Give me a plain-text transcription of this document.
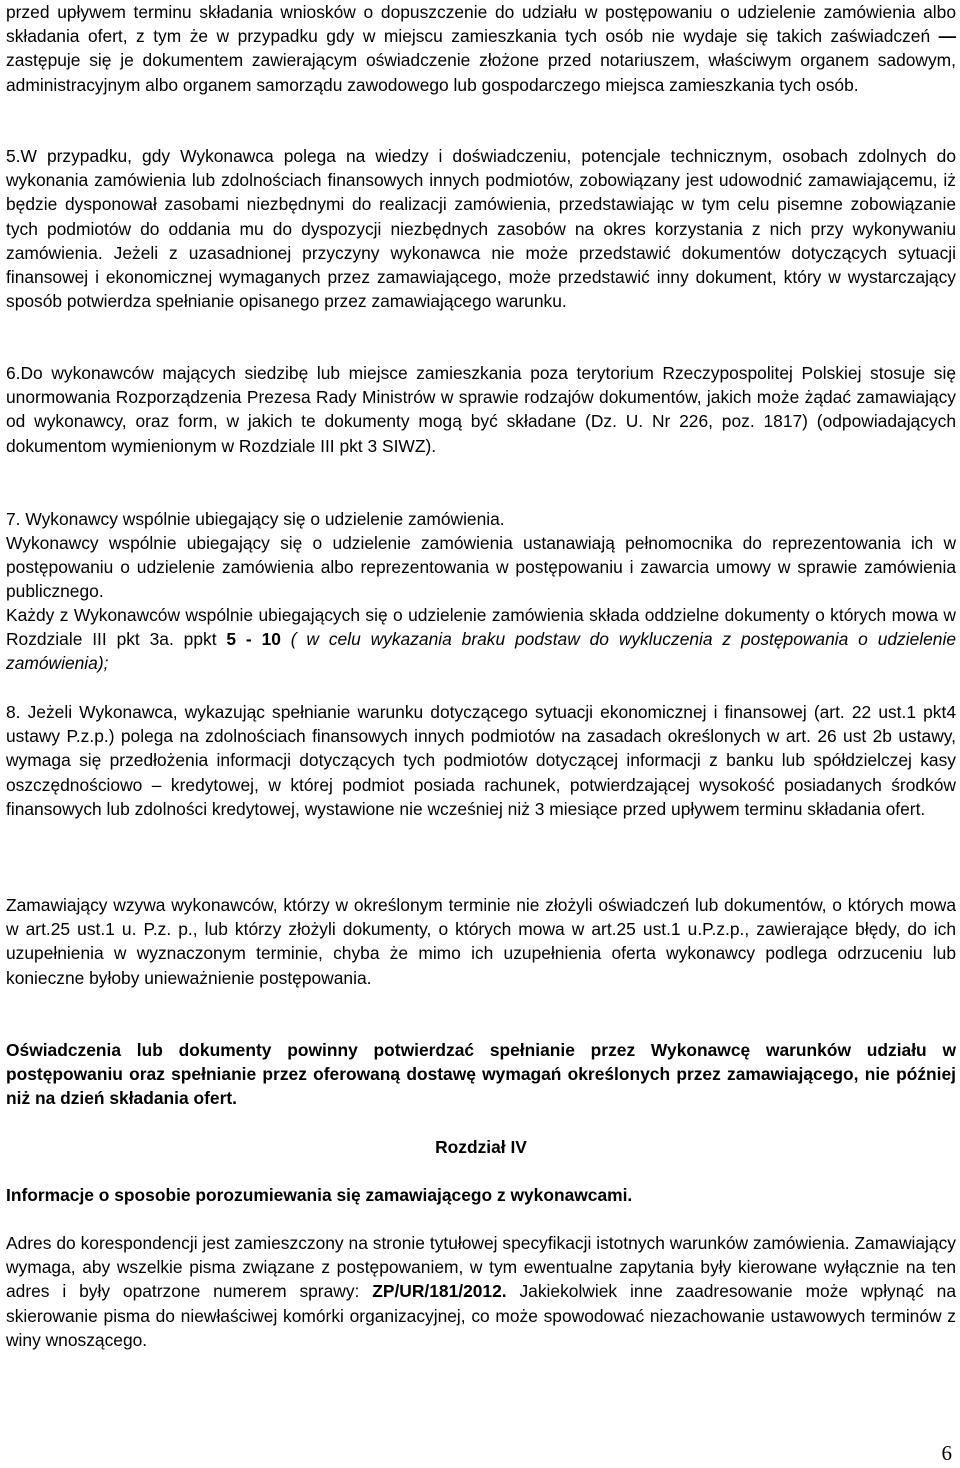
przed upływem terminu składania wniosków o dopuszczenie do udziału w postępowaniu o udzielenie zamówienia albo składania ofert, z tym że w przypadku gdy w miejscu zamieszkania tych osób nie wydaje się takich zaświadczeń — zastępuje się je dokumentem zawierającym oświadczenie złożone przed notariuszem, właściwym organem sadowym, administracyjnym albo organem samorządu zawodowego lub gospodarczego miejsca zamieszkania tych osób.

5.W przypadku, gdy Wykonawca polega na wiedzy i doświadczeniu, potencjale technicznym, osobach zdolnych do wykonania zamówienia lub zdolnościach finansowych innych podmiotów, zobowiązany jest udowodnić zamawiającemu, iż będzie dysponował zasobami niezbędnymi do realizacji zamówienia, przedstawiając w tym celu pisemne zobowiązanie tych podmiotów do oddania mu do dyspozycji niezbędnych zasobów na okres korzystania z nich przy wykonywaniu zamówienia. Jeżeli z uzasadnionej przyczyny wykonawca nie może przedstawić dokumentów dotyczących sytuacji finansowej i ekonomicznej wymaganych przez zamawiającego, może przedstawić inny dokument, który w wystarczający sposób potwierdza spełnianie opisanego przez zamawiającego warunku.

6.Do wykonawców mających siedzibę lub miejsce zamieszkania poza terytorium Rzeczypospolitej Polskiej stosuje się unormowania Rozporządzenia Prezesa Rady Ministrów w sprawie rodzajów dokumentów, jakich może żądać zamawiający od wykonawcy, oraz form, w jakich te dokumenty mogą być składane (Dz. U. Nr 226, poz. 1817) (odpowiadających dokumentom wymienionym w Rozdziale III pkt 3 SIWZ).

7. Wykonawcy wspólnie ubiegający się o udzielenie zamówienia.

Wykonawcy wspólnie ubiegający się o udzielenie zamówienia ustanawiają pełnomocnika do reprezentowania ich w postępowaniu o udzielenie zamówienia albo reprezentowania w postępowaniu i zawarcia umowy w sprawie zamówienia publicznego.

Każdy z Wykonawców wspólnie ubiegających się o udzielenie zamówienia składa oddzielne dokumenty o których mowa w Rozdziale III pkt 3a. ppkt 5 - 10 ( w celu wykazania braku podstaw do wykluczenia z postępowania o udzielenie zamówienia);

8. Jeżeli Wykonawca, wykazując spełnianie warunku dotyczącego sytuacji ekonomicznej i finansowej (art. 22 ust.1 pkt4 ustawy P.z.p.) polega na zdolnościach finansowych innych podmiotów na zasadach określonych w art. 26 ust 2b ustawy, wymaga się przedłożenia informacji dotyczących tych podmiotów dotyczącej informacji z banku lub spółdzielczej kasy oszczędnościowo – kredytowej, w której podmiot posiada rachunek, potwierdzającej wysokość posiadanych środków finansowych lub zdolności kredytowej, wystawione nie wcześniej niż 3 miesiące przed upływem terminu składania ofert.

Zamawiający wzywa wykonawców, którzy w określonym terminie nie złożyli oświadczeń lub dokumentów, o których mowa w art.25 ust.1 u. P.z. p., lub którzy złożyli dokumenty, o których mowa w art.25 ust.1 u.P.z.p., zawierające błędy, do ich uzupełnienia w wyznaczonym terminie, chyba że mimo ich uzupełnienia oferta wykonawcy podlega odrzuceniu lub konieczne byłoby unieważnienie postępowania.

Oświadczenia lub dokumenty powinny potwierdzać spełnianie przez Wykonawcę warunków udziału w postępowaniu oraz spełnianie przez oferowaną dostawę wymagań określonych przez zamawiającego, nie później niż na dzień składania ofert.

Rozdział IV

Informacje o sposobie porozumiewania się zamawiającego z wykonawcami.

Adres do korespondencji jest zamieszczony na stronie tytułowej specyfikacji istotnych warunków zamówienia. Zamawiający wymaga, aby wszelkie pisma związane z postępowaniem, w tym ewentualne zapytania były kierowane wyłącznie na ten adres i były opatrzone numerem sprawy: ZP/UR/181/2012. Jakiekolwiek inne zaadresowanie może wpłynąć na skierowanie pisma do niewłaściwej komórki organizacyjnej, co może spowodować niezachowanie ustawowych terminów z winy wnoszącego.

6
